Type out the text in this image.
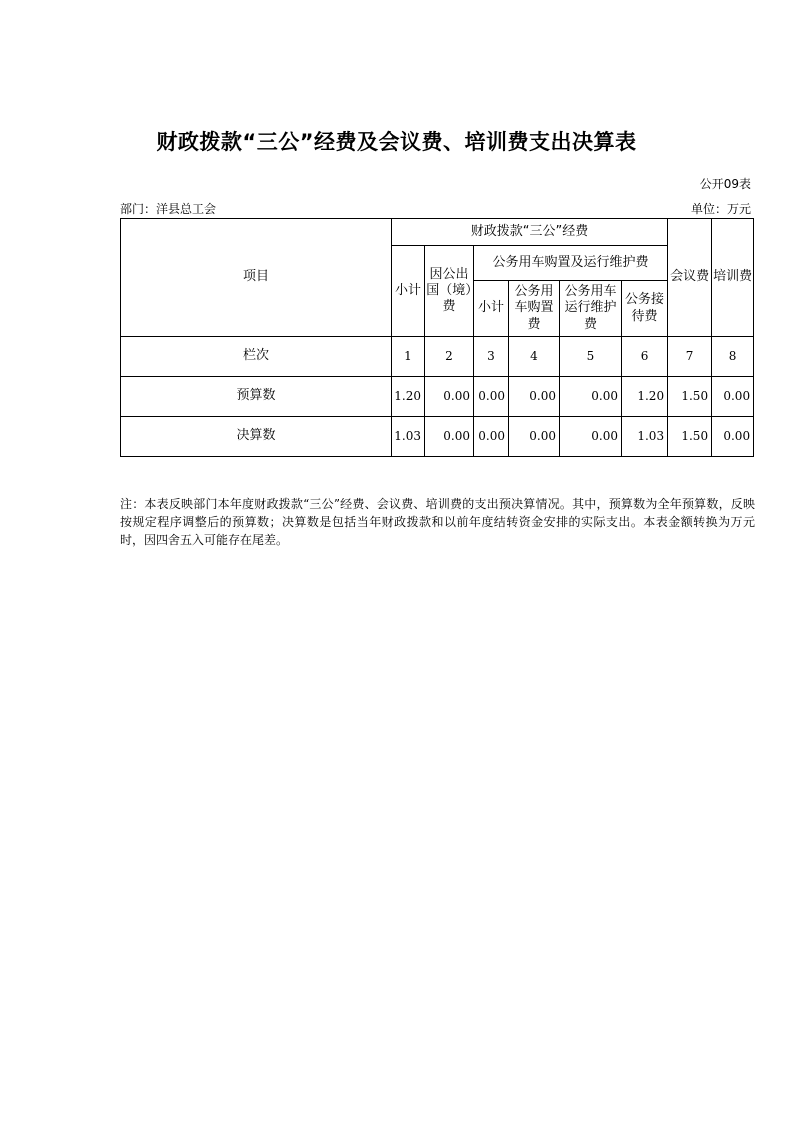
财政拨款“三公”经费及会议费、培训费支出决算表
公开09表
部门：洋县总工会	单位：万元
项目	财政拨款“三公”经费						会议费	培训费
	小计	因公出国（境）费	公务用车购置及运行维护费					
			小计	公务用车购置费	公务用车运行维护费	公务接待费		
栏次	1	2	3	4	5	6	7	8
预算数	1.20	0.00	0.00	0.00	0.00	1.20	1.50	0.00
决算数	1.03	0.00	0.00	0.00	0.00	1.03	1.50	0.00

注：本表反映部门本年度财政拨款“三公”经费、会议费、培训费的支出预决算情况。其中，预算数为全年预算数，反映按规定程序调整后的预算数；决算数是包括当年财政拨款和以前年度结转资金安排的实际支出。本表金额转换为万元时，因四舍五入可能存在尾差。
